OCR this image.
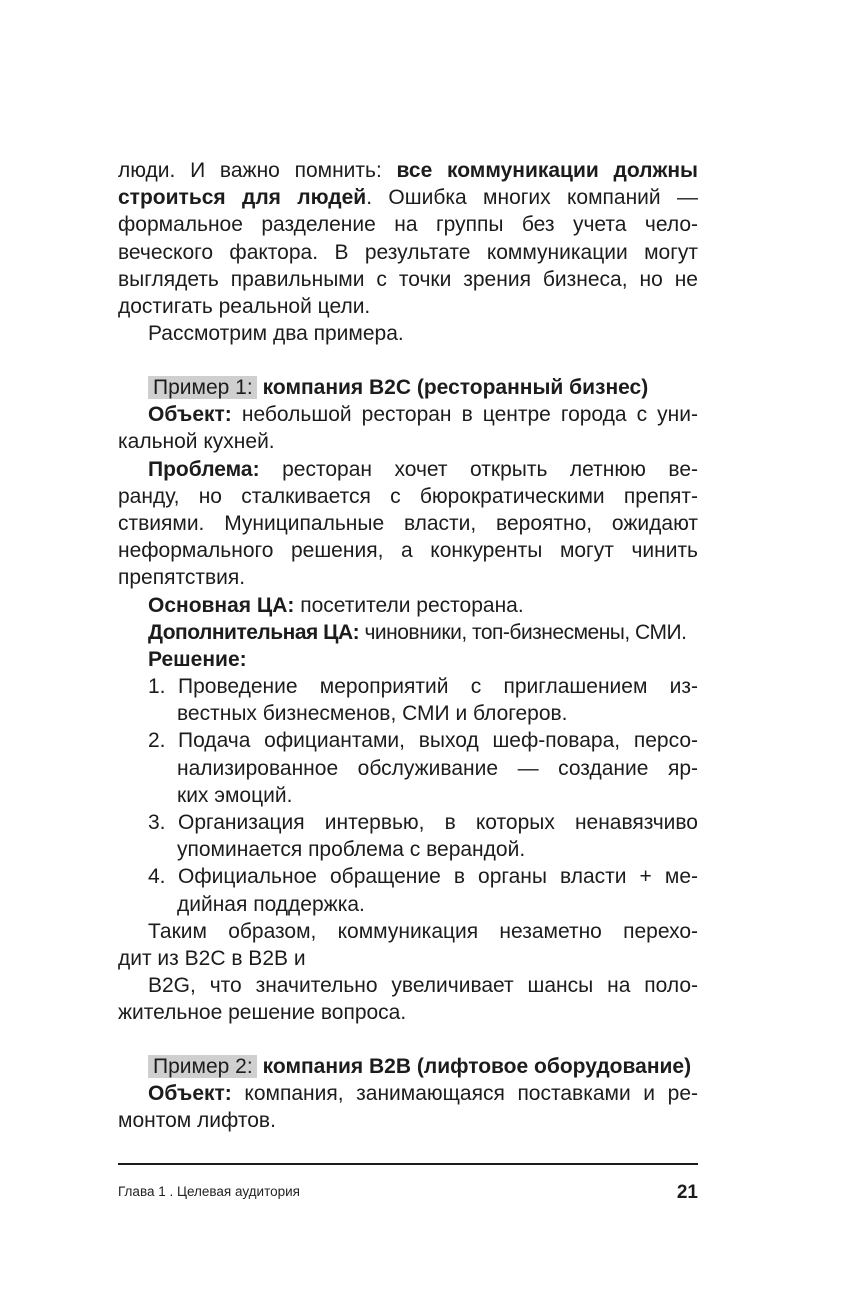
люди. И важно помнить: все коммуникации должны
строиться для людей. Ошибка многих компаний —
формальное разделение на группы без учета чело-
веческого фактора. В результате коммуникации могут
выглядеть правильными с точки зрения бизнеса, но не
достигать реальной цели.
Рассмотрим два примера.
Пример 1: компания B2C (ресторанный бизнес)
Объект: небольшой ресторан в центре города с уни-
кальной кухней.
Проблема: ресторан хочет открыть летнюю ве-
ранду, но сталкивается с бюрократическими препят-
ствиями. Муниципальные власти, вероятно, ожидают
неформального решения, а конкуренты могут чинить
препятствия.
Основная ЦА: посетители ресторана.
Дополнительная ЦА: чиновники, топ-бизнесмены, СМИ.
Решение:
1. Проведение мероприятий с приглашением из-
вестных бизнесменов, СМИ и блогеров.
2. Подача официантами, выход шеф-повара, персо-
нализированное обслуживание — создание яр-
ких эмоций.
3. Организация интервью, в которых ненавязчиво
упоминается проблема с верандой.
4. Официальное обращение в органы власти + ме-
дийная поддержка.
Таким образом, коммуникация незаметно перехо-
дит из B2C в B2B и
B2G, что значительно увеличивает шансы на поло-
жительное решение вопроса.
Пример 2: компания B2B (лифтовое оборудование)
Объект: компания, занимающаяся поставками и ре-
монтом лифтов.
Глава 1 . Целевая аудитория	21
